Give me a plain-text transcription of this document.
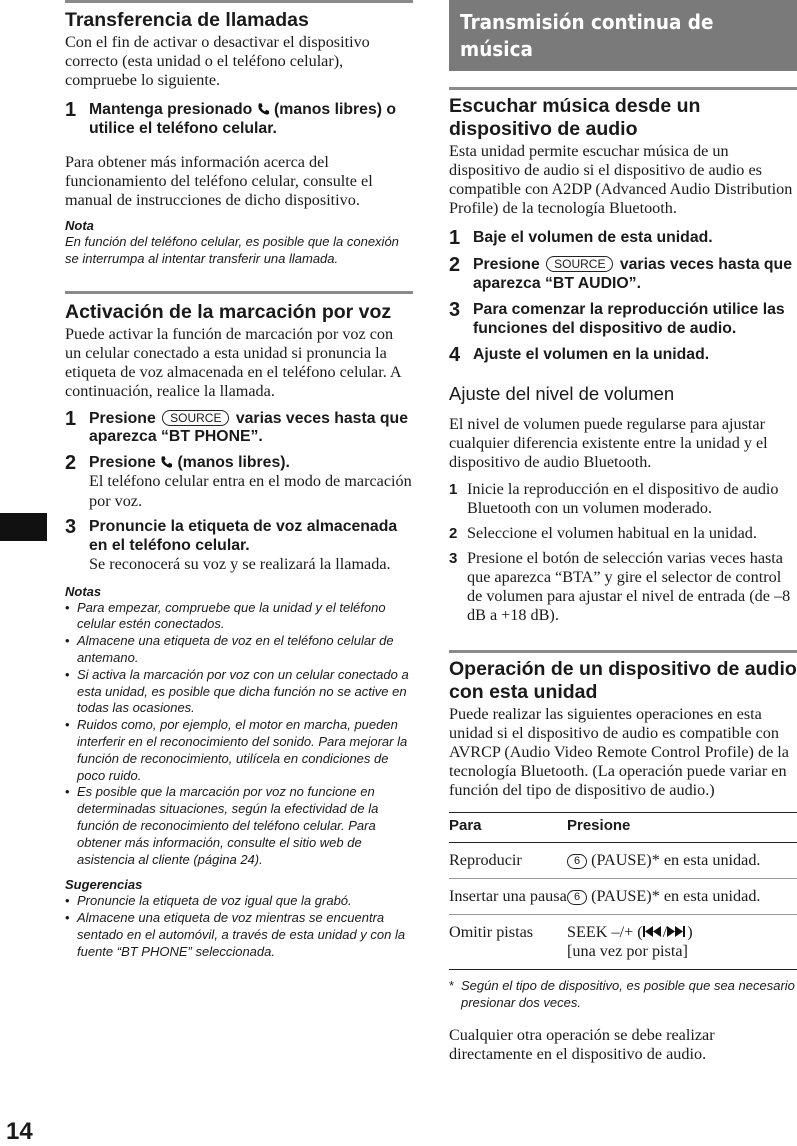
Transferencia de llamadas

Con el fin de activar o desactivar el dispositivo correcto (esta unidad o el teléfono celular), compruebe lo siguiente.

1 Mantenga presionado  (manos libres) o utilice el teléfono celular.

Para obtener más información acerca del funcionamiento del teléfono celular, consulte el manual de instrucciones de dicho dispositivo.

Nota

En función del teléfono celular, es posible que la conexión se interrumpa al intentar transferir una llamada.

Activación de la marcación por voz

Puede activar la función de marcación por voz con un celular conectado a esta unidad si pronuncia la etiqueta de voz almacenada en el teléfono celular. A continuación, realice la llamada.

1 Presione SOURCE varias veces hasta que aparezca “BT PHONE”.
2 Presione  (manos libres).
El teléfono celular entra en el modo de marcación por voz.
3 Pronuncie la etiqueta de voz almacenada en el teléfono celular.
Se reconocerá su voz y se realizará la llamada.
Notas
• Para empezar, compruebe que la unidad y el teléfono celular estén conectados.
• Almacene una etiqueta de voz en el teléfono celular de antemano.
• Si activa la marcación por voz con un celular conectado a esta unidad, es posible que dicha función no se active en todas las ocasiones.
• Ruidos como, por ejemplo, el motor en marcha, pueden interferir en el reconocimiento del sonido. Para mejorar la función de reconocimiento, utilícela en condiciones de poco ruido.
• Es posible que la marcación por voz no funcione en determinadas situaciones, según la efectividad de la función de reconocimiento del teléfono celular. Para obtener más información, consulte el sitio web de asistencia al cliente (página 24).
Sugerencias
• Pronuncie la etiqueta de voz igual que la grabó.
• Almacene una etiqueta de voz mientras se encuentra sentado en el automóvil, a través de esta unidad y con la fuente “BT PHONE” seleccionada.
Transmisión continua de
música
Escuchar música desde un dispositivo de audio

Esta unidad permite escuchar música de un dispositivo de audio si el dispositivo de audio es compatible con A2DP (Advanced Audio Distribution Profile) de la tecnología Bluetooth.

1 Baje el volumen de esta unidad.
2 Presione SOURCE varias veces hasta que aparezca “BT AUDIO”.
3 Para comenzar la reproducción utilice las funciones del dispositivo de audio.
4 Ajuste el volumen en la unidad.
Ajuste del nivel de volumen

El nivel de volumen puede regularse para ajustar cualquier diferencia existente entre la unidad y el dispositivo de audio Bluetooth.

1 Inicie la reproducción en el dispositivo de audio Bluetooth con un volumen moderado.
2 Seleccione el volumen habitual en la unidad.
3 Presione el botón de selección varias veces hasta que aparezca “BTA” y gire el selector de control de volumen para ajustar el nivel de entrada (de –8 dB a +18 dB).
Operación de un dispositivo de audio con esta unidad

Puede realizar las siguientes operaciones en esta unidad si el dispositivo de audio es compatible con AVRCP (Audio Video Remote Control Profile) de la tecnología Bluetooth. (La operación puede variar en función del tipo de dispositivo de audio.)

Para	Presione
Reproducir	6 (PAUSE)* en esta unidad.
Insertar una pausa	6 (PAUSE)* en esta unidad.
Omitir pistas	SEEK –/+ ( / )
[una vez por pista]
* Según el tipo de dispositivo, es posible que sea necesario presionar dos veces.

Cualquier otra operación se debe realizar directamente en el dispositivo de audio.

14
